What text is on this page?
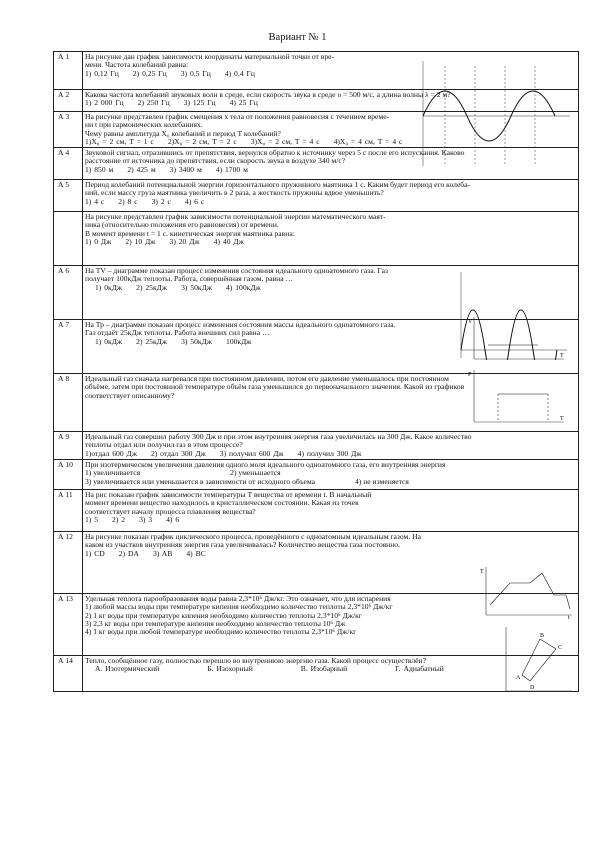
Вариант № 1
А 1	На рисунке дан график зависимости координаты материальной точки от вре-

мени. Частота колебаний равна:

1) 0,12 Гц 2) 0,25 Гц 3) 0,5 Гц 4) 0,4 Гц

А 2	Какова частота колебаний звуковых волн в среде, если скорость звука в среде υ = 500 м/с, а длина волны λ = 2 м?

1) 2 000 Гц 2) 250 Гц 3) 125 Гц 4) 25 Гц

А 3	На рисунке представлен график смещения x тела от положения равновесия с течением време-

ни t при гармонических колебаниях.

Чему равны амплитуда X₀ колебаний и период T колебаний?

1)X₀ = 2 см, T = 1 с 2)X₀ = 2 см, T = 2 с 3)X₀ = 2 см, T = 4 с 4)X₀ = 4 см, T = 4 с

А 4	Звуковой сигнал, отразившись от препятствия, вернулся обратно к источнику через 5 с после его испускания. Каково

расстояние от источника до препятствия, если скорость звука в воздухе 340 м/с?

1) 850 м 2) 425 м 3) 3400 м 4) 1700 м

А 5	Период колебаний потенциальной энергии горизонтального пружинного маятника 1 с. Каким будет период его колеба-

ний, если массу груза маятника увеличить в 2 раза, а жесткость пружины вдвое уменьшить?

1) 4 с 2) 8 с 3) 2 с 4) 6 с

	На рисунке представлен график зависимости потенциальной энергии математического маят-

ника (относительно положения его равновесия) от времени.

В момент времени t = 1 с. кинетическая энергия маятника равна:

1) 0 Дж 2) 10 Дж 3) 20 Дж 4) 40 Дж

А 6	На TV – диаграмме показан процесс изменения состояния идеального одноатомного газа. Газ

получает 100кДж теплоты. Работа, совершённая газом, равна …

1) 0кДж 2) 25кДж 3) 50кДж 4) 100кДж

А 7	На Тр – диаграмме показан процесс изменения состояния массы идеального одноатомного газа.

Газ отдаёт 25кДж теплоты. Работа внешних сил равна …

1) 0кДж 2) 25кДж 3) 50кДж 100кДж

А 8	Идеальный газ сначала нагревался при постоянном давлении, потом его давление уменьшалось при постоянном

объёме, затем при постоянной температуре объём газа уменьшился до первоначального значения. Какой из графиков

соответствует описанному?

А 9	Идеальный газ совершил работу 300 Дж и при этом внутренняя энергия газа увеличилась на 300 Дж. Какое количество

теплоты отдал или получил газ в этом процессе?

1)отдал 600 Дж 2) отдал 300 Дж 3) получил 600 Дж 4) получил 300 Дж

А 10	При изотермическом увеличении давления одного моля идеального одноатомного газа, его внутренняя энергия

1) увеличивается 2) уменьшается

3) увеличивается или уменьшается в зависимости от исходного объема 4) не изменяется

А 11	На рис показан график зависимости температуры T вещества от времени t. В начальный

момент времени вещество находилось в кристаллическом состоянии. Какая из точек

соответствует началу процесса плавления вещества?

1) 5 2) 2 3) 3 4) 6

А 12	На рисунке показан график циклического процесса, проведённого с одноатомным идеальным газом. На

каком из участков внутренняя энергия газа увеличивалась? Количество вещества газа постоянно.

1) CD 2) DA 3) AB 4) BC

А 13	Удельная теплота парообразования воды равна 2,3*10⁶ Дж/кг. Это означает, что для испарения

1) любой массы воды при температуре кипения необходимо количество теплоты 2,3*10⁶ Дж/кг

2) 1 кг воды при температуре кипения необходимо количество теплоты 2,3*10⁶ Дж/кг

3) 2,3 кг воды при температуре кипения необходимо количество теплоты 10⁶ Дж

4) 1 кг воды при любой температуре необходимо количество теплоты 2,3*10⁶ Дж/кг

А 14	Тепло, сообщённое газу, полностью перешло во внутреннюю энергию газа. Какой процесс осуществлён?

А. Изотермический Б. Изохорный В. Изобарный Г. Адиабатный

V
T
P
T
T
t
A
B
C
D
